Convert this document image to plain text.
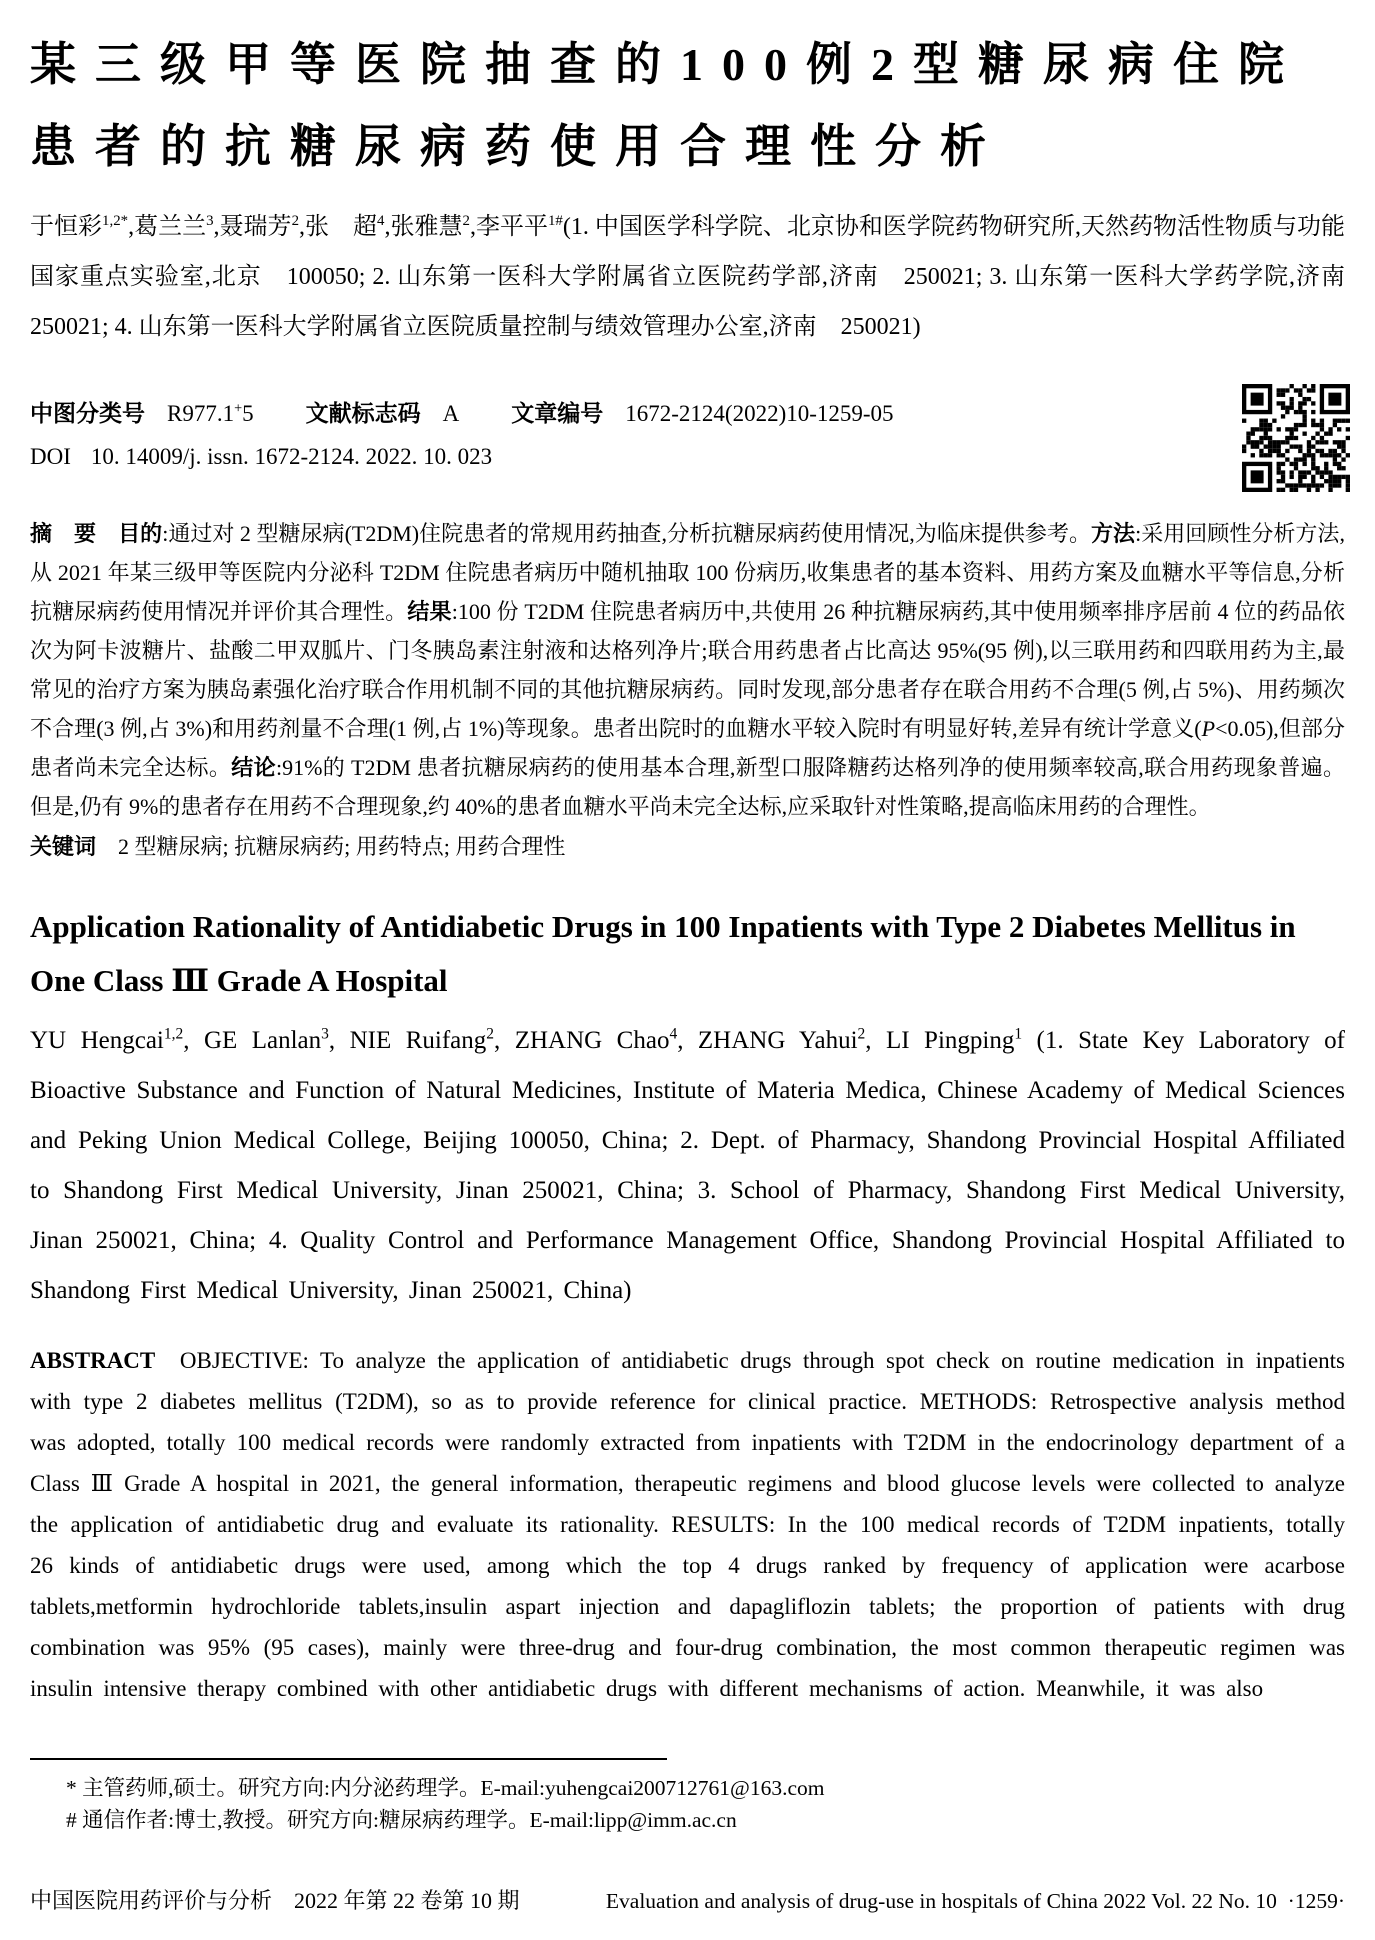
某三级甲等医院抽查的100例2型糖尿病住院患者的抗糖尿病药使用合理性分析

于恒彩$^{1,2*}$,葛兰兰$^3$,聂瑞芳$^2$,张　超$^4$,张雅慧$^2$,李平平$^{1\#}$(1. 中国医学科学院、北京协和医学院药物研究所,天然药物活性物质与功能国家重点实验室,北京　100050; 2. 山东第一医科大学附属省立医院药学部,济南　250021; 3. 山东第一医科大学药学院,济南　250021; 4. 山东第一医科大学附属省立医院质量控制与绩效管理办公室,济南　250021)

中图分类号 R977.1+5 文献标志码 A 文章编号 1672-2124(2022)10-1259-05
DOI 10. 14009/j. issn. 1672-2124. 2022. 10. 023

摘　要　 目的:通过对 2 型糖尿病(T2DM)住院患者的常规用药抽查,分析抗糖尿病药使用情况,为临床提供参考。方法:采用回顾性分析方法,从 2021 年某三级甲等医院内分泌科 T2DM 住院患者病历中随机抽取 100 份病历,收集患者的基本资料、用药方案及血糖水平等信息,分析抗糖尿病药使用情况并评价其合理性。结果:100 份 T2DM 住院患者病历中,共使用 26 种抗糖尿病药,其中使用频率排序居前 4 位的药品依次为阿卡波糖片、盐酸二甲双胍片、门冬胰岛素注射液和达格列净片;联合用药患者占比高达 95%(95 例),以三联用药和四联用药为主,最常见的治疗方案为胰岛素强化治疗联合作用机制不同的其他抗糖尿病药。同时发现,部分患者存在联合用药不合理(5 例,占 5%)、用药频次不合理(3 例,占 3%)和用药剂量不合理(1 例,占 1%)等现象。患者出院时的血糖水平较入院时有明显好转,差异有统计学意义(P<0.05),但部分患者尚未完全达标。结论:91%的 T2DM 患者抗糖尿病药的使用基本合理,新型口服降糖药达格列净的使用频率较高,联合用药现象普遍。但是,仍有 9%的患者存在用药不合理现象,约 40%的患者血糖水平尚未完全达标,应采取针对性策略,提高临床用药的合理性。

关键词　2 型糖尿病; 抗糖尿病药; 用药特点; 用药合理性

Application Rationality of Antidiabetic Drugs in 100 Inpatients with Type 2 Diabetes Mellitus in One Class Ⅲ Grade A Hospital

YU Hengcai$^{1,2}$, GE Lanlan$^3$, NIE Ruifang$^2$, ZHANG Chao$^4$, ZHANG Yahui$^2$, LI Pingping$^1$ (1. State Key Laboratory of Bioactive Substance and Function of Natural Medicines, Institute of Materia Medica, Chinese Academy of Medical Sciences and Peking Union Medical College, Beijing 100050, China; 2. Dept. of Pharmacy, Shandong Provincial Hospital Affiliated to Shandong First Medical University, Jinan 250021, China; 3. School of Pharmacy, Shandong First Medical University, Jinan 250021, China; 4. Quality Control and Performance Management Office, Shandong Provincial Hospital Affiliated to Shandong First Medical University, Jinan 250021, China)

ABSTRACT　OBJECTIVE: To analyze the application of antidiabetic drugs through spot check on routine medication in inpatients with type 2 diabetes mellitus (T2DM), so as to provide reference for clinical practice. METHODS: Retrospective analysis method was adopted, totally 100 medical records were randomly extracted from inpatients with T2DM in the endocrinology department of a Class Ⅲ Grade A hospital in 2021, the general information, therapeutic regimens and blood glucose levels were collected to analyze the application of antidiabetic drug and evaluate its rationality. RESULTS: In the 100 medical records of T2DM inpatients, totally 26 kinds of antidiabetic drugs were used, among which the top 4 drugs ranked by frequency of application were acarbose tablets,metformin hydrochloride tablets,insulin aspart injection and dapagliflozin tablets; the proportion of patients with drug combination was 95% (95 cases), mainly were three-drug and four-drug combination, the most common therapeutic regimen was insulin intensive therapy combined with other antidiabetic drugs with different mechanisms of action. Meanwhile, it was also

* 主管药师,硕士。研究方向:内分泌药理学。E-mail:yuhengcai200712761@163.com

# 通信作者:博士,教授。研究方向:糖尿病药理学。E-mail:lipp@imm.ac.cn

中国医院用药评价与分析　2022 年第 22 卷第 10 期	Evaluation and analysis of drug-use in hospitals of China 2022 Vol. 22 No. 10 ·1259·
